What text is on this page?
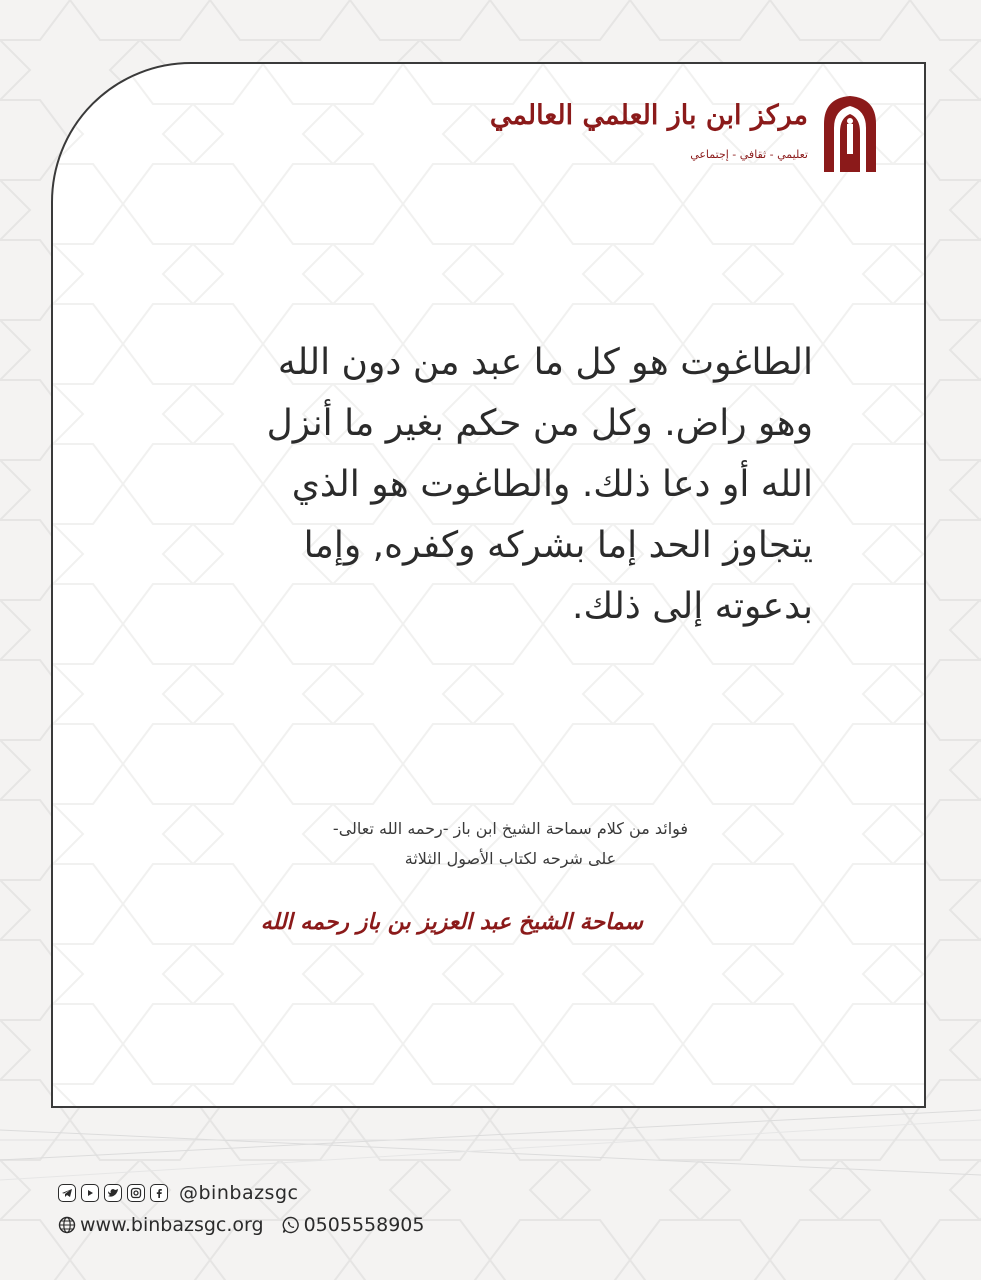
مركز ابن باز العلمي العالمي
تعليمي - ثقافي - إجتماعي
الطاغوت هو كل ما عبد من دون الله
وهو راض. وكل من حكم بغير ما أنزل
الله أو دعا ذلك. والطاغوت هو الذي
يتجاوز الحد إما بشركه وكفره, وإما
بدعوته إلى ذلك.
فوائد من كلام سماحة الشيخ ابن باز -رحمه الله تعالى-
على شرحه لكتاب الأصول الثلاثة
سماحة الشيخ عبد العزيز بن باز رحمه الله
@binbazsgc
www.binbazsgc.org 0505558905
